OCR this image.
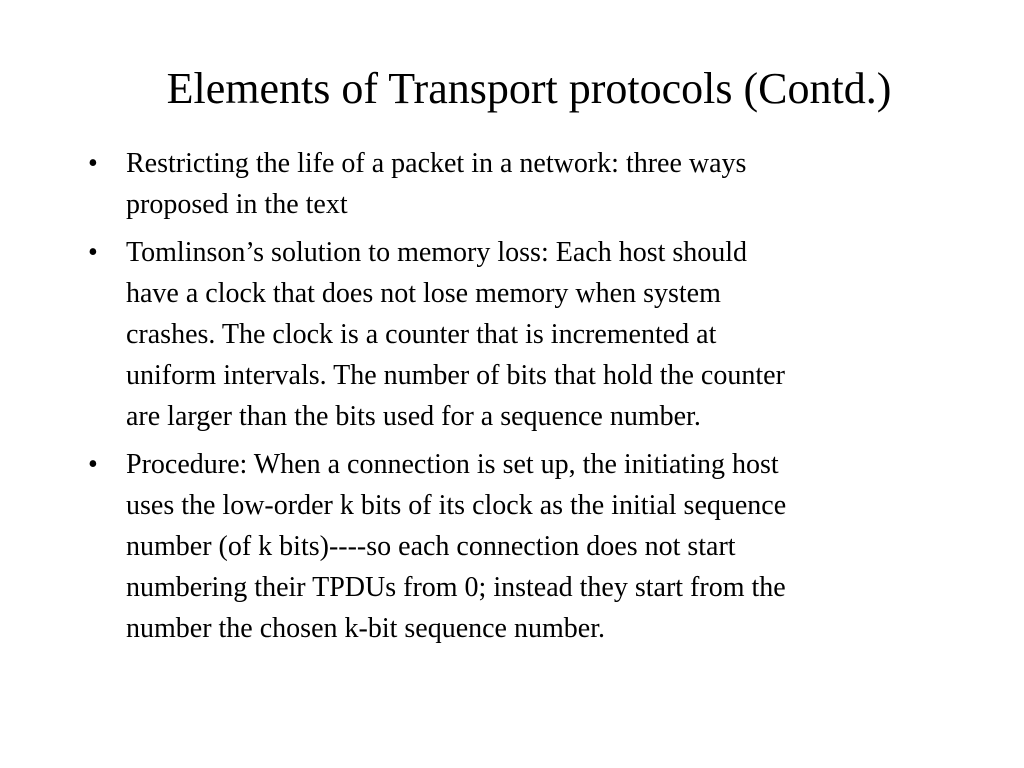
Elements of Transport protocols (Contd.)
•	Restricting the life of a packet in a network: three ways
proposed in the text
•	Tomlinson’s solution to memory loss: Each host should
have a clock that does not lose memory when system
crashes. The clock is a counter that is incremented at
uniform intervals. The number of bits that hold the counter
are larger than the bits used for a sequence number.
•	Procedure: When a connection is set up, the initiating host
uses the low-order k bits of its clock as the initial sequence
number (of k bits)----so each connection does not start
numbering their TPDUs from 0; instead they start from the
number the chosen k-bit sequence number.
